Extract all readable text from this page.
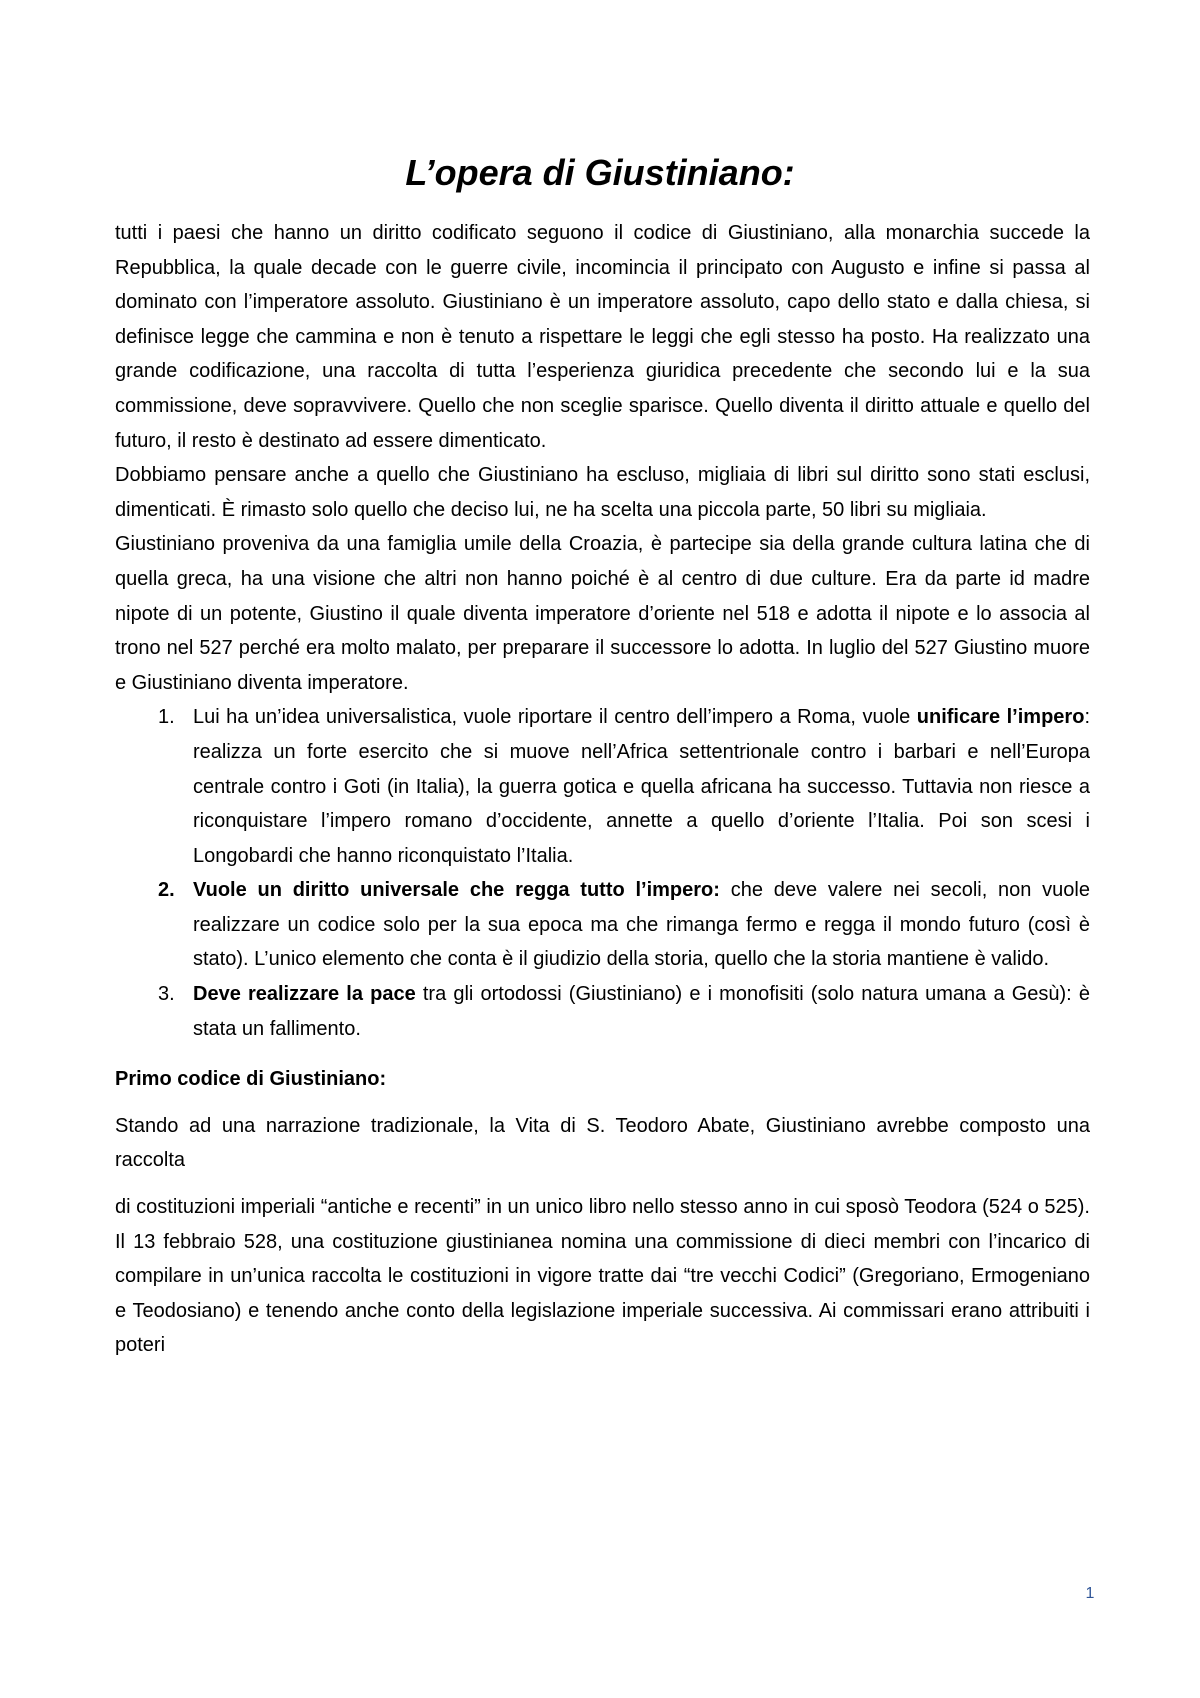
L’opera di Giustiniano:

tutti i paesi che hanno un diritto codificato seguono il codice di Giustiniano, alla monarchia succede la Repubblica, la quale decade con le guerre civile, incomincia il principato con Augusto e infine si passa al dominato con l’imperatore assoluto. Giustiniano è un imperatore assoluto, capo dello stato e dalla chiesa, si definisce legge che cammina e non è tenuto a rispettare le leggi che egli stesso ha posto. Ha realizzato una grande codificazione, una raccolta di tutta l’esperienza giuridica precedente che secondo lui e la sua commissione, deve sopravvivere. Quello che non sceglie sparisce. Quello diventa il diritto attuale e quello del futuro, il resto è destinato ad essere dimenticato.

Dobbiamo pensare anche a quello che Giustiniano ha escluso, migliaia di libri sul diritto sono stati esclusi, dimenticati. È rimasto solo quello che deciso lui, ne ha scelta una piccola parte, 50 libri su migliaia.

Giustiniano proveniva da una famiglia umile della Croazia, è partecipe sia della grande cultura latina che di quella greca, ha una visione che altri non hanno poiché è al centro di due culture. Era da parte id madre nipote di un potente, Giustino il quale diventa imperatore d’oriente nel 518 e adotta il nipote e lo associa al trono nel 527 perché era molto malato, per preparare il successore lo adotta. In luglio del 527 Giustino muore e Giustiniano diventa imperatore.

1. Lui ha un’idea universalistica, vuole riportare il centro dell’impero a Roma, vuole unificare l’impero: realizza un forte esercito che si muove nell’Africa settentrionale contro i barbari e nell’Europa centrale contro i Goti (in Italia), la guerra gotica e quella africana ha successo. Tuttavia non riesce a riconquistare l’impero romano d’occidente, annette a quello d’oriente l’Italia. Poi son scesi i Longobardi che hanno riconquistato l’Italia.
2. Vuole un diritto universale che regga tutto l’impero: che deve valere nei secoli, non vuole realizzare un codice solo per la sua epoca ma che rimanga fermo e regga il mondo futuro (così è stato). L’unico elemento che conta è il giudizio della storia, quello che la storia mantiene è valido.
3. Deve realizzare la pace tra gli ortodossi (Giustiniano) e i monofisiti (solo natura umana a Gesù): è stata un fallimento.

Primo codice di Giustiniano:

Stando ad una narrazione tradizionale, la Vita di S. Teodoro Abate, Giustiniano avrebbe composto una raccolta

di costituzioni imperiali “antiche e recenti” in un unico libro nello stesso anno in cui sposò Teodora (524 o 525). Il 13 febbraio 528, una costituzione giustinianea nomina una commissione di dieci membri con l’incarico di compilare in un’unica raccolta le costituzioni in vigore tratte dai “tre vecchi Codici” (Gregoriano, Ermogeniano e Teodosiano) e tenendo anche conto della legislazione imperiale successiva. Ai commissari erano attribuiti i poteri

1
